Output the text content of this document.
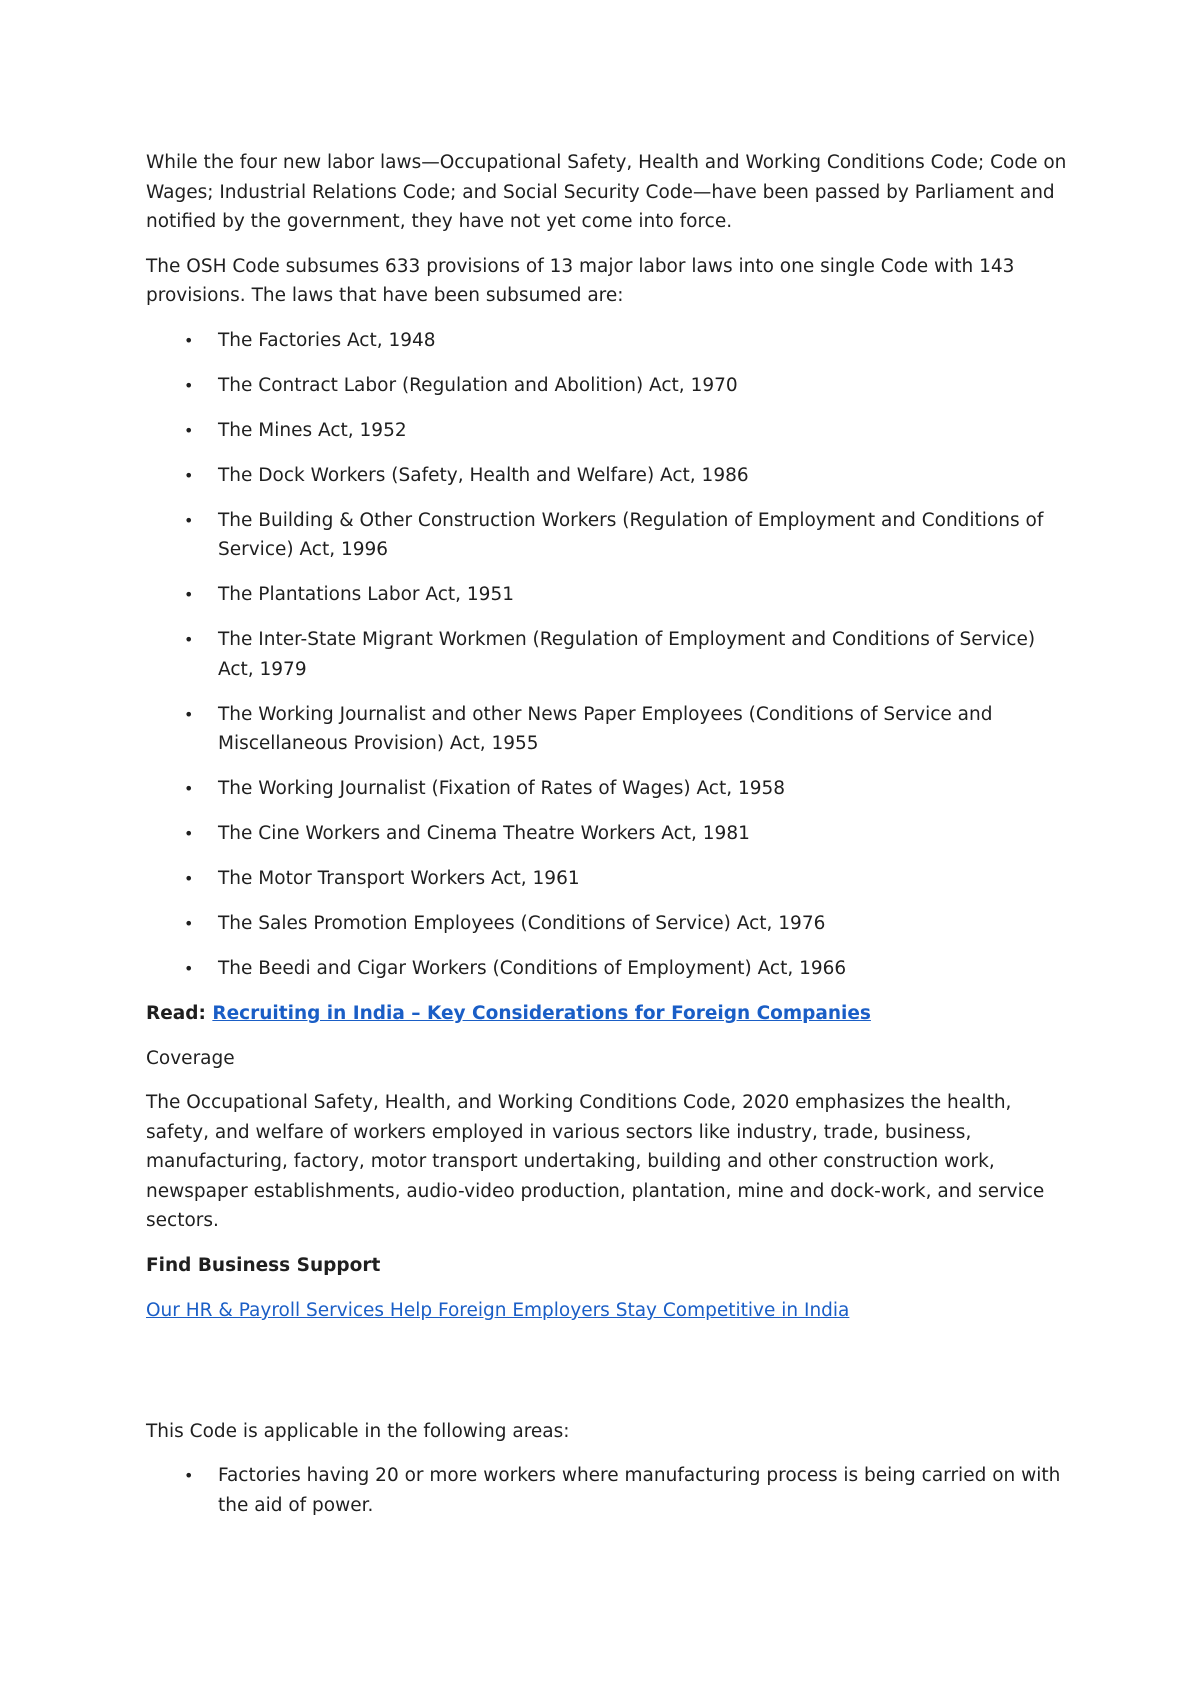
While the four new labor laws—Occupational Safety, Health and Working Conditions Code; Code on Wages; Industrial Relations Code; and Social Security Code—have been passed by Parliament and notified by the government, they have not yet come into force.

The OSH Code subsumes 633 provisions of 13 major labor laws into one single Code with 143 provisions. The laws that have been subsumed are:

• The Factories Act, 1948
• The Contract Labor (Regulation and Abolition) Act, 1970
• The Mines Act, 1952
• The Dock Workers (Safety, Health and Welfare) Act, 1986
• The Building & Other Construction Workers (Regulation of Employment and Conditions of Service) Act, 1996
• The Plantations Labor Act, 1951
• The Inter-State Migrant Workmen (Regulation of Employment and Conditions of Service) Act, 1979
• The Working Journalist and other News Paper Employees (Conditions of Service and Miscellaneous Provision) Act, 1955
• The Working Journalist (Fixation of Rates of Wages) Act, 1958
• The Cine Workers and Cinema Theatre Workers Act, 1981
• The Motor Transport Workers Act, 1961
• The Sales Promotion Employees (Conditions of Service) Act, 1976
• The Beedi and Cigar Workers (Conditions of Employment) Act, 1966

Read: Recruiting in India – Key Considerations for Foreign Companies

Coverage

The Occupational Safety, Health, and Working Conditions Code, 2020 emphasizes the health, safety, and welfare of workers employed in various sectors like industry, trade, business, manufacturing, factory, motor transport undertaking, building and other construction work, newspaper establishments, audio-video production, plantation, mine and dock-work, and service sectors.

Find Business Support

Our HR & Payroll Services Help Foreign Employers Stay Competitive in India

This Code is applicable in the following areas:

• Factories having 20 or more workers where manufacturing process is being carried on with the aid of power.
